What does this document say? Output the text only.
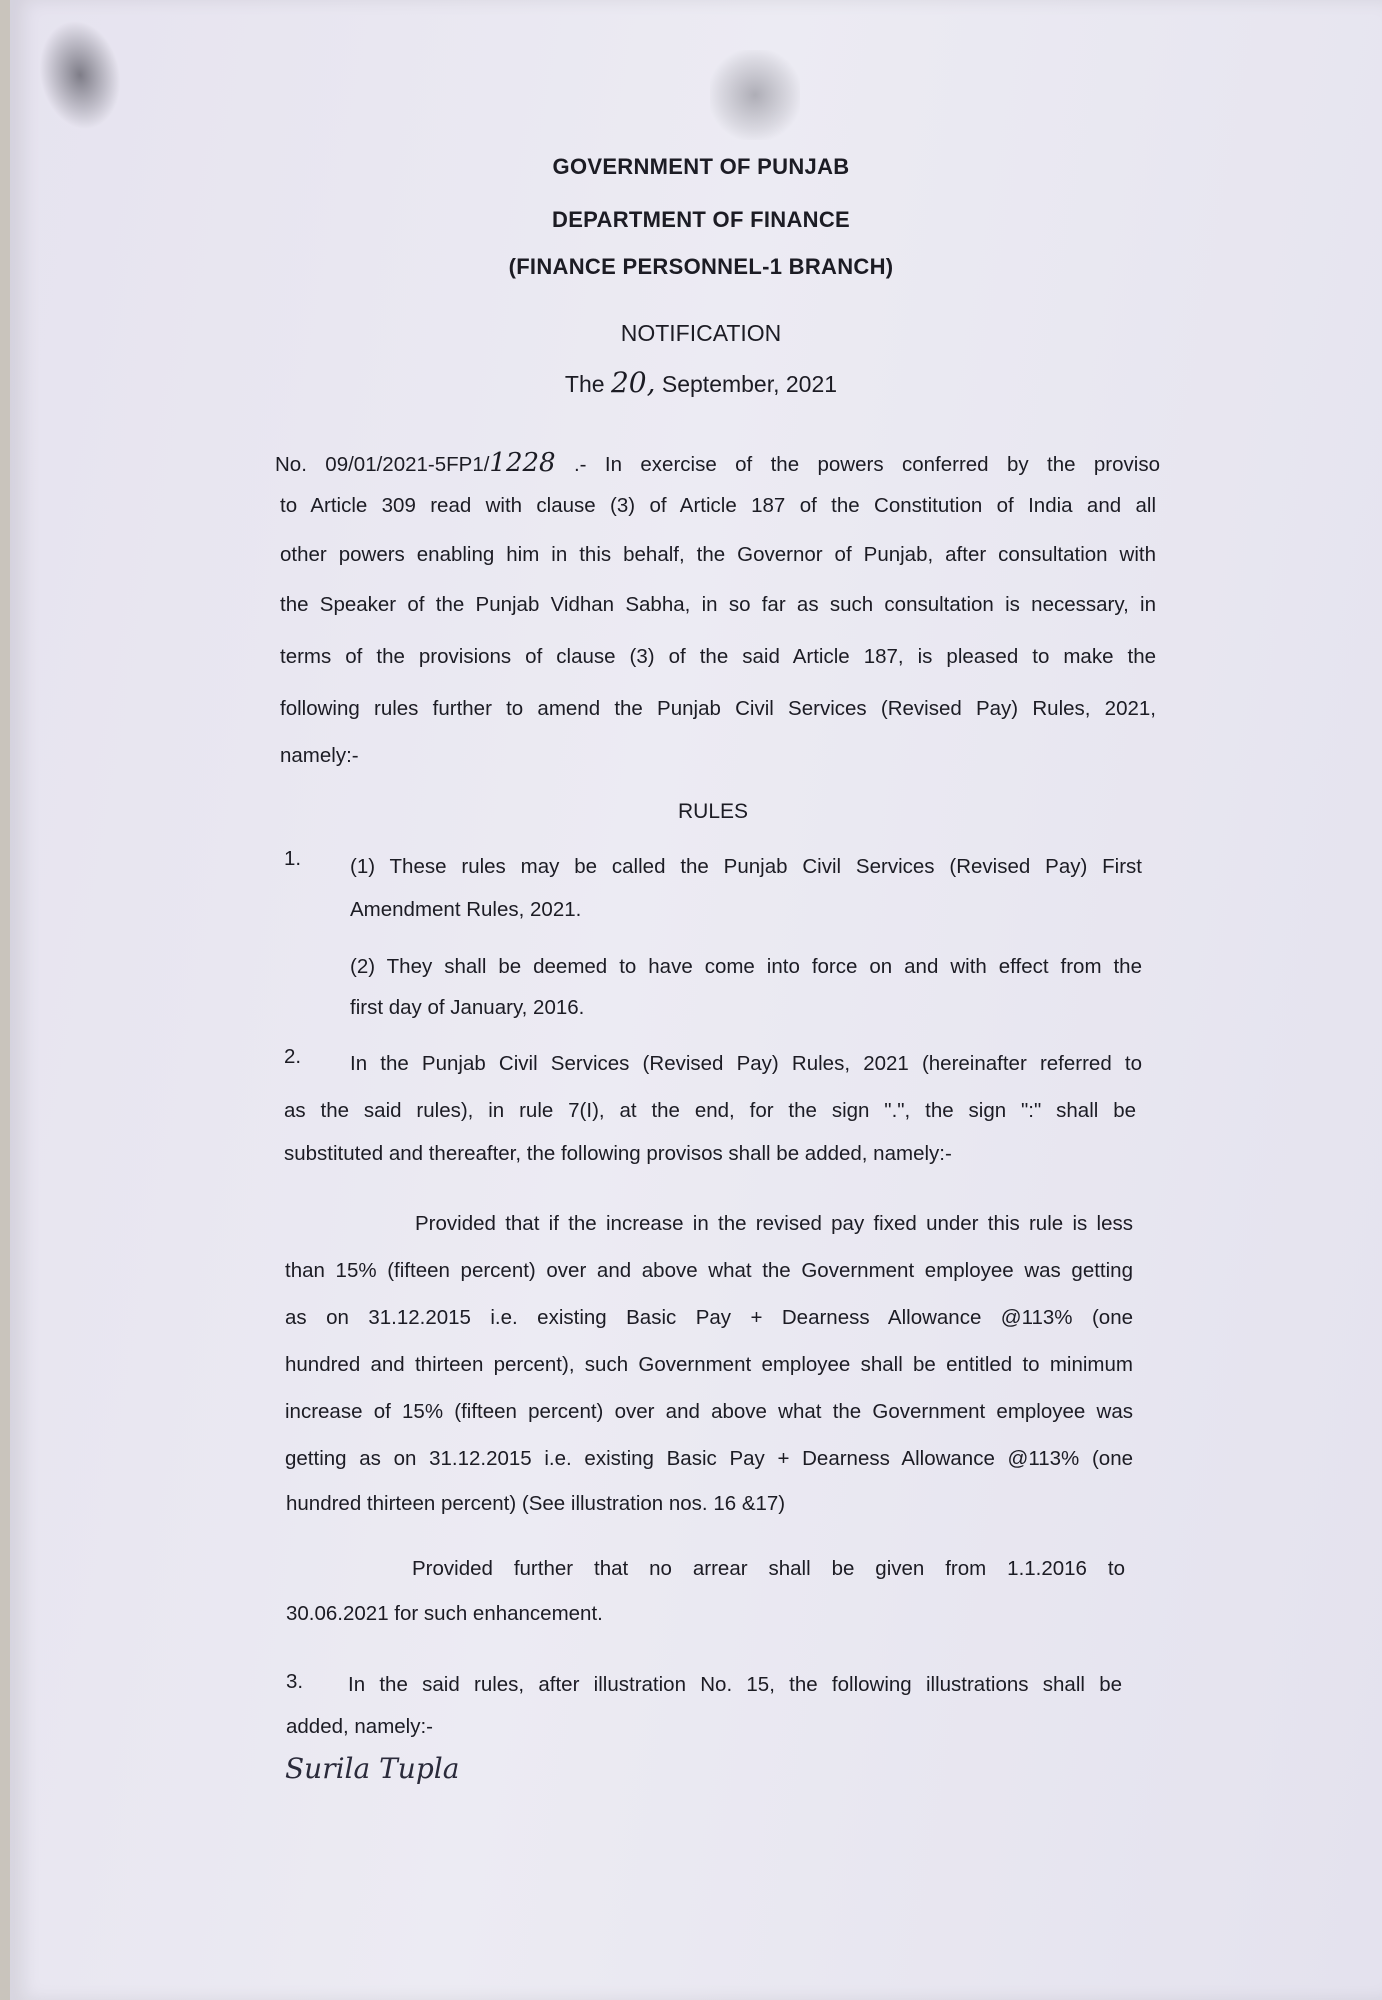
GOVERNMENT OF PUNJAB
DEPARTMENT OF FINANCE
(FINANCE PERSONNEL-1 BRANCH)
NOTIFICATION
The 20, September, 2021
No. 09/01/2021-5FP1/1228 .- In exercise of the powers conferred by the proviso
to Article 309 read with clause (3) of Article 187 of the Constitution of India and all
other powers enabling him in this behalf, the Governor of Punjab, after consultation with
the Speaker of the Punjab Vidhan Sabha, in so far as such consultation is necessary, in
terms of the provisions of clause (3) of the said Article 187, is pleased to make the
following rules further to amend the Punjab Civil Services (Revised Pay) Rules, 2021,
namely:-
RULES
1. (1) These rules may be called the Punjab Civil Services (Revised Pay) First
Amendment Rules, 2021.
(2) They shall be deemed to have come into force on and with effect from the
first day of January, 2016.
2. In the Punjab Civil Services (Revised Pay) Rules, 2021 (hereinafter referred to
as the said rules), in rule 7(I), at the end, for the sign ".", the sign ":" shall be
substituted and thereafter, the following provisos shall be added, namely:-
Provided that if the increase in the revised pay fixed under this rule is less
than 15% (fifteen percent) over and above what the Government employee was getting
as on 31.12.2015 i.e. existing Basic Pay + Dearness Allowance @113% (one
hundred and thirteen percent), such Government employee shall be entitled to minimum
increase of 15% (fifteen percent) over and above what the Government employee was
getting as on 31.12.2015 i.e. existing Basic Pay + Dearness Allowance @113% (one
hundred thirteen percent) (See illustration nos. 16 &17)
Provided further that no arrear shall be given from 1.1.2016 to
30.06.2021 for such enhancement.
3. In the said rules, after illustration No. 15, the following illustrations shall be
added, namely:-
Surila Tupla
